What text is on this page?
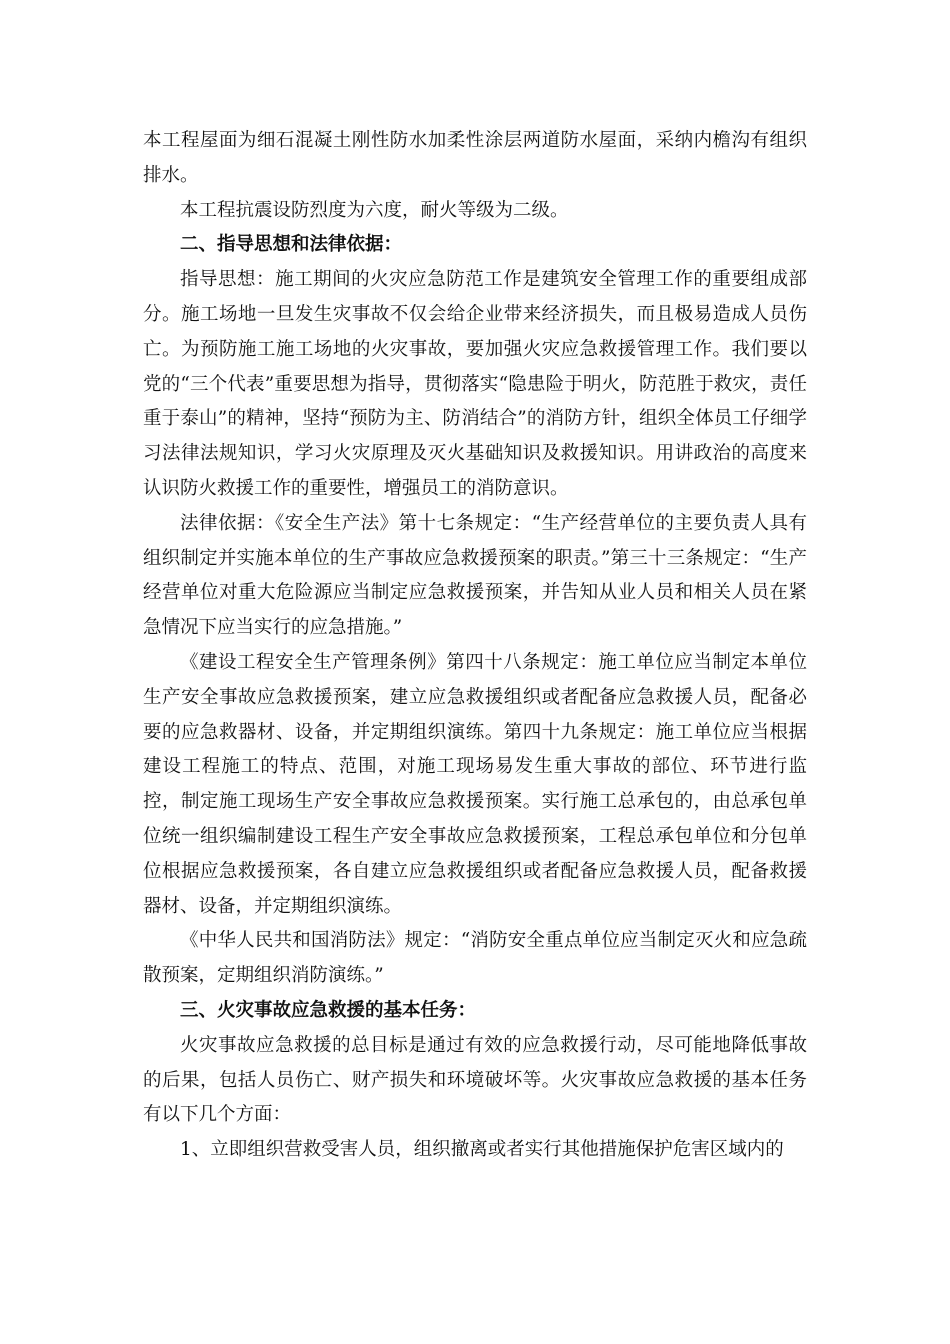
本工程屋面为细石混凝土刚性防水加柔性涂层两道防水屋面，采纳内檐沟有组织排水。

本工程抗震设防烈度为六度，耐火等级为二级。

二、指导思想和法律依据：

指导思想：施工期间的火灾应急防范工作是建筑安全管理工作的重要组成部分。施工场地一旦发生灾事故不仅会给企业带来经济损失，而且极易造成人员伤亡。为预防施工施工场地的火灾事故，要加强火灾应急救援管理工作。我们要以党的“三个代表”重要思想为指导，贯彻落实“隐患险于明火，防范胜于救灾，责任重于泰山”的精神，坚持“预防为主、防消结合”的消防方针，组织全体员工仔细学习法律法规知识，学习火灾原理及灭火基础知识及救援知识。用讲政治的高度来认识防火救援工作的重要性，增强员工的消防意识。

法律依据：《安全生产法》第十七条规定：“生产经营单位的主要负责人具有组织制定并实施本单位的生产事故应急救援预案的职责。”第三十三条规定：“生产经营单位对重大危险源应当制定应急救援预案，并告知从业人员和相关人员在紧急情况下应当实行的应急措施。”

《建设工程安全生产管理条例》第四十八条规定：施工单位应当制定本单位生产安全事故应急救援预案，建立应急救援组织或者配备应急救援人员，配备必要的应急救器材、设备，并定期组织演练。第四十九条规定：施工单位应当根据建设工程施工的特点、范围，对施工现场易发生重大事故的部位、环节进行监控，制定施工现场生产安全事故应急救援预案。实行施工总承包的，由总承包单位统一组织编制建设工程生产安全事故应急救援预案，工程总承包单位和分包单位根据应急救援预案，各自建立应急救援组织或者配备应急救援人员，配备救援器材、设备，并定期组织演练。

《中华人民共和国消防法》规定：“消防安全重点单位应当制定灭火和应急疏散预案，定期组织消防演练。”

三、火灾事故应急救援的基本任务：

火灾事故应急救援的总目标是通过有效的应急救援行动，尽可能地降低事故的后果，包括人员伤亡、财产损失和环境破坏等。火灾事故应急救援的基本任务有以下几个方面：

1、立即组织营救受害人员，组织撤离或者实行其他措施保护危害区域内的
